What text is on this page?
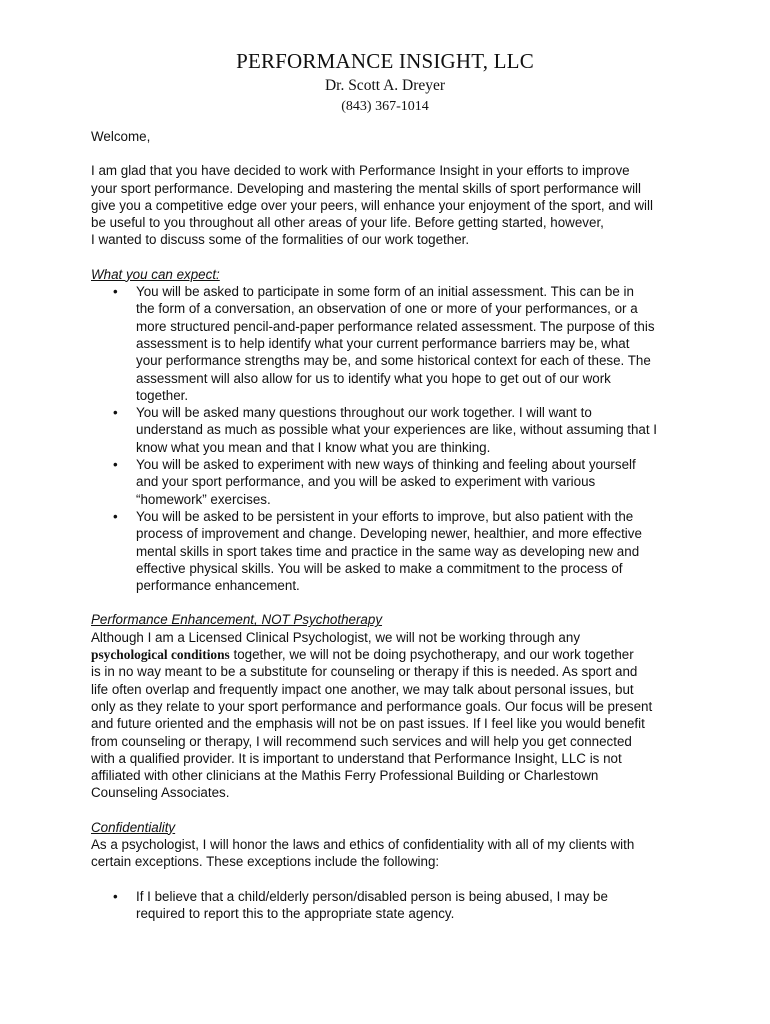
PERFORMANCE INSIGHT, LLC
Dr. Scott A. Dreyer
(843) 367-1014

Welcome,

I am glad that you have decided to work with Performance Insight in your efforts to improve
your sport performance. Developing and mastering the mental skills of sport performance will
give you a competitive edge over your peers, will enhance your enjoyment of the sport, and will
be useful to you throughout all other areas of your life. Before getting started, however,
I wanted to discuss some of the formalities of our work together.
What you can expect:
• You will be asked to participate in some form of an initial assessment. This can be in
the form of a conversation, an observation of one or more of your performances, or a
more structured pencil-and-paper performance related assessment. The purpose of this
assessment is to help identify what your current performance barriers may be, what
your performance strengths may be, and some historical context for each of these. The
assessment will also allow for us to identify what you hope to get out of our work
together.
• You will be asked many questions throughout our work together. I will want to
understand as much as possible what your experiences are like, without assuming that I
know what you mean and that I know what you are thinking.
• You will be asked to experiment with new ways of thinking and feeling about yourself
and your sport performance, and you will be asked to experiment with various
“homework” exercises.
• You will be asked to be persistent in your efforts to improve, but also patient with the
process of improvement and change. Developing newer, healthier, and more effective
mental skills in sport takes time and practice in the same way as developing new and
effective physical skills. You will be asked to make a commitment to the process of
performance enhancement.
Performance Enhancement, NOT Psychotherapy
Although I am a Licensed Clinical Psychologist, we will not be working through any
psychological conditions together, we will not be doing psychotherapy, and our work together
is in no way meant to be a substitute for counseling or therapy if this is needed. As sport and
life often overlap and frequently impact one another, we may talk about personal issues, but
only as they relate to your sport performance and performance goals. Our focus will be present
and future oriented and the emphasis will not be on past issues. If I feel like you would benefit
from counseling or therapy, I will recommend such services and will help you get connected
with a qualified provider. It is important to understand that Performance Insight, LLC is not
affiliated with other clinicians at the Mathis Ferry Professional Building or Charlestown
Counseling Associates.
Confidentiality
As a psychologist, I will honor the laws and ethics of confidentiality with all of my clients with
certain exceptions. These exceptions include the following:
• If I believe that a child/elderly person/disabled person is being abused, I may be
required to report this to the appropriate state agency.
